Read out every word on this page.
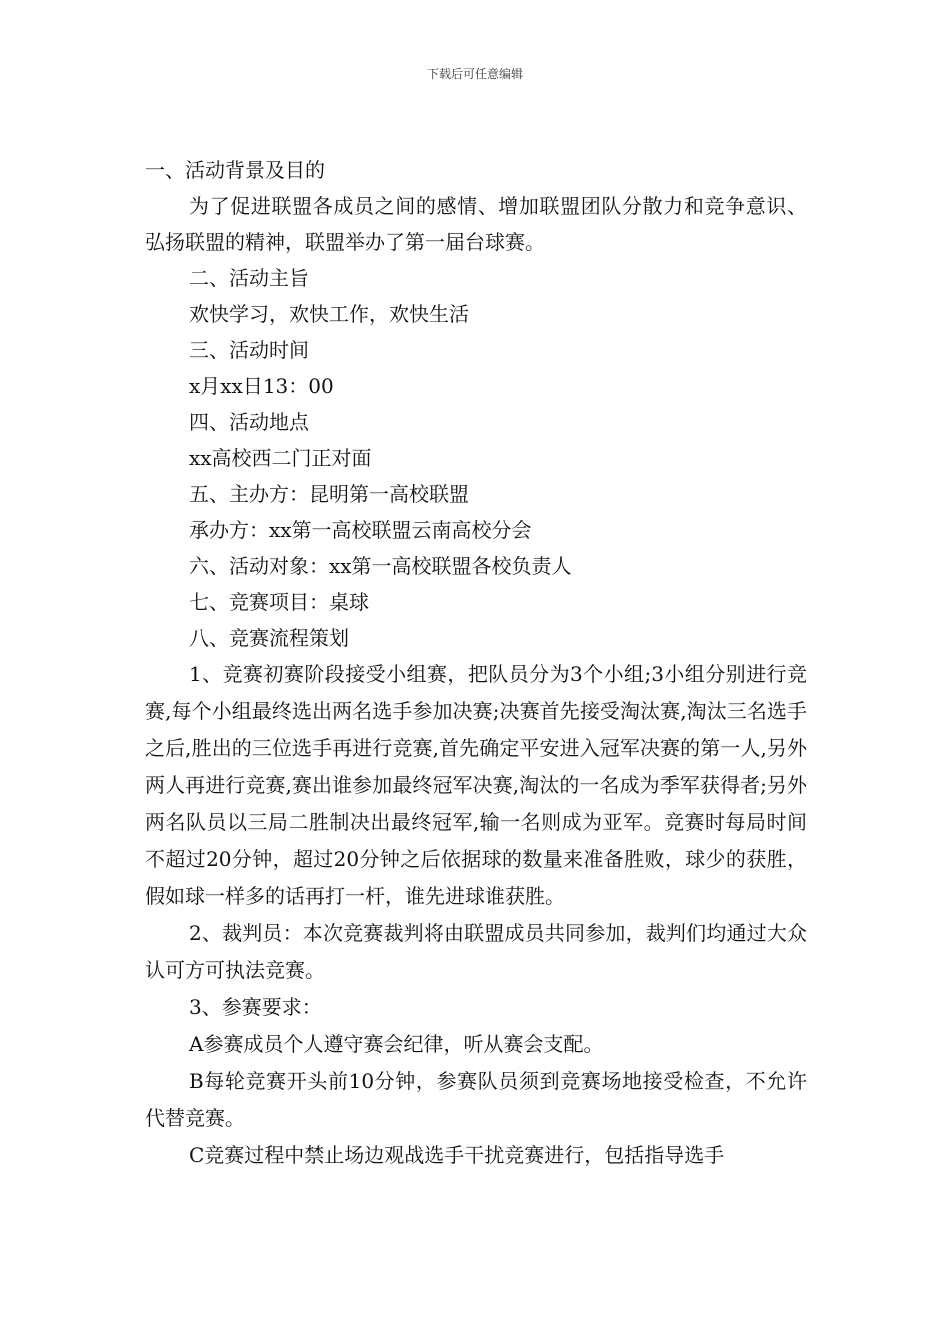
下载后可任意编辑

一、活动背景及目的

为了促进联盟各成员之间的感情、增加联盟团队分散力和竞争意识、弘扬联盟的精神，联盟举办了第一届台球赛。

二、活动主旨

欢快学习，欢快工作，欢快生活

三、活动时间

x月xx日13：00

四、活动地点

xx高校西二门正对面

五、主办方：昆明第一高校联盟

承办方：xx第一高校联盟云南高校分会

六、活动对象：xx第一高校联盟各校负责人

七、竞赛项目：桌球

八、竞赛流程策划

1、竞赛初赛阶段接受小组赛，把队员分为3个小组;3小组分别进行竞赛,每个小组最终选出两名选手参加决赛;决赛首先接受淘汰赛,淘汰三名选手之后,胜出的三位选手再进行竞赛,首先确定平安进入冠军决赛的第一人,另外两人再进行竞赛,赛出谁参加最终冠军决赛,淘汰的一名成为季军获得者;另外两名队员以三局二胜制决出最终冠军,输一名则成为亚军。竞赛时每局时间不超过20分钟，超过20分钟之后依据球的数量来准备胜败，球少的获胜，假如球一样多的话再打一杆，谁先进球谁获胜。

2、裁判员：本次竞赛裁判将由联盟成员共同参加，裁判们均通过大众认可方可执法竞赛。

3、参赛要求：

A参赛成员个人遵守赛会纪律，听从赛会支配。

B每轮竞赛开头前10分钟，参赛队员须到竞赛场地接受检查，不允许代替竞赛。

C竞赛过程中禁止场边观战选手干扰竞赛进行，包括指导选手
